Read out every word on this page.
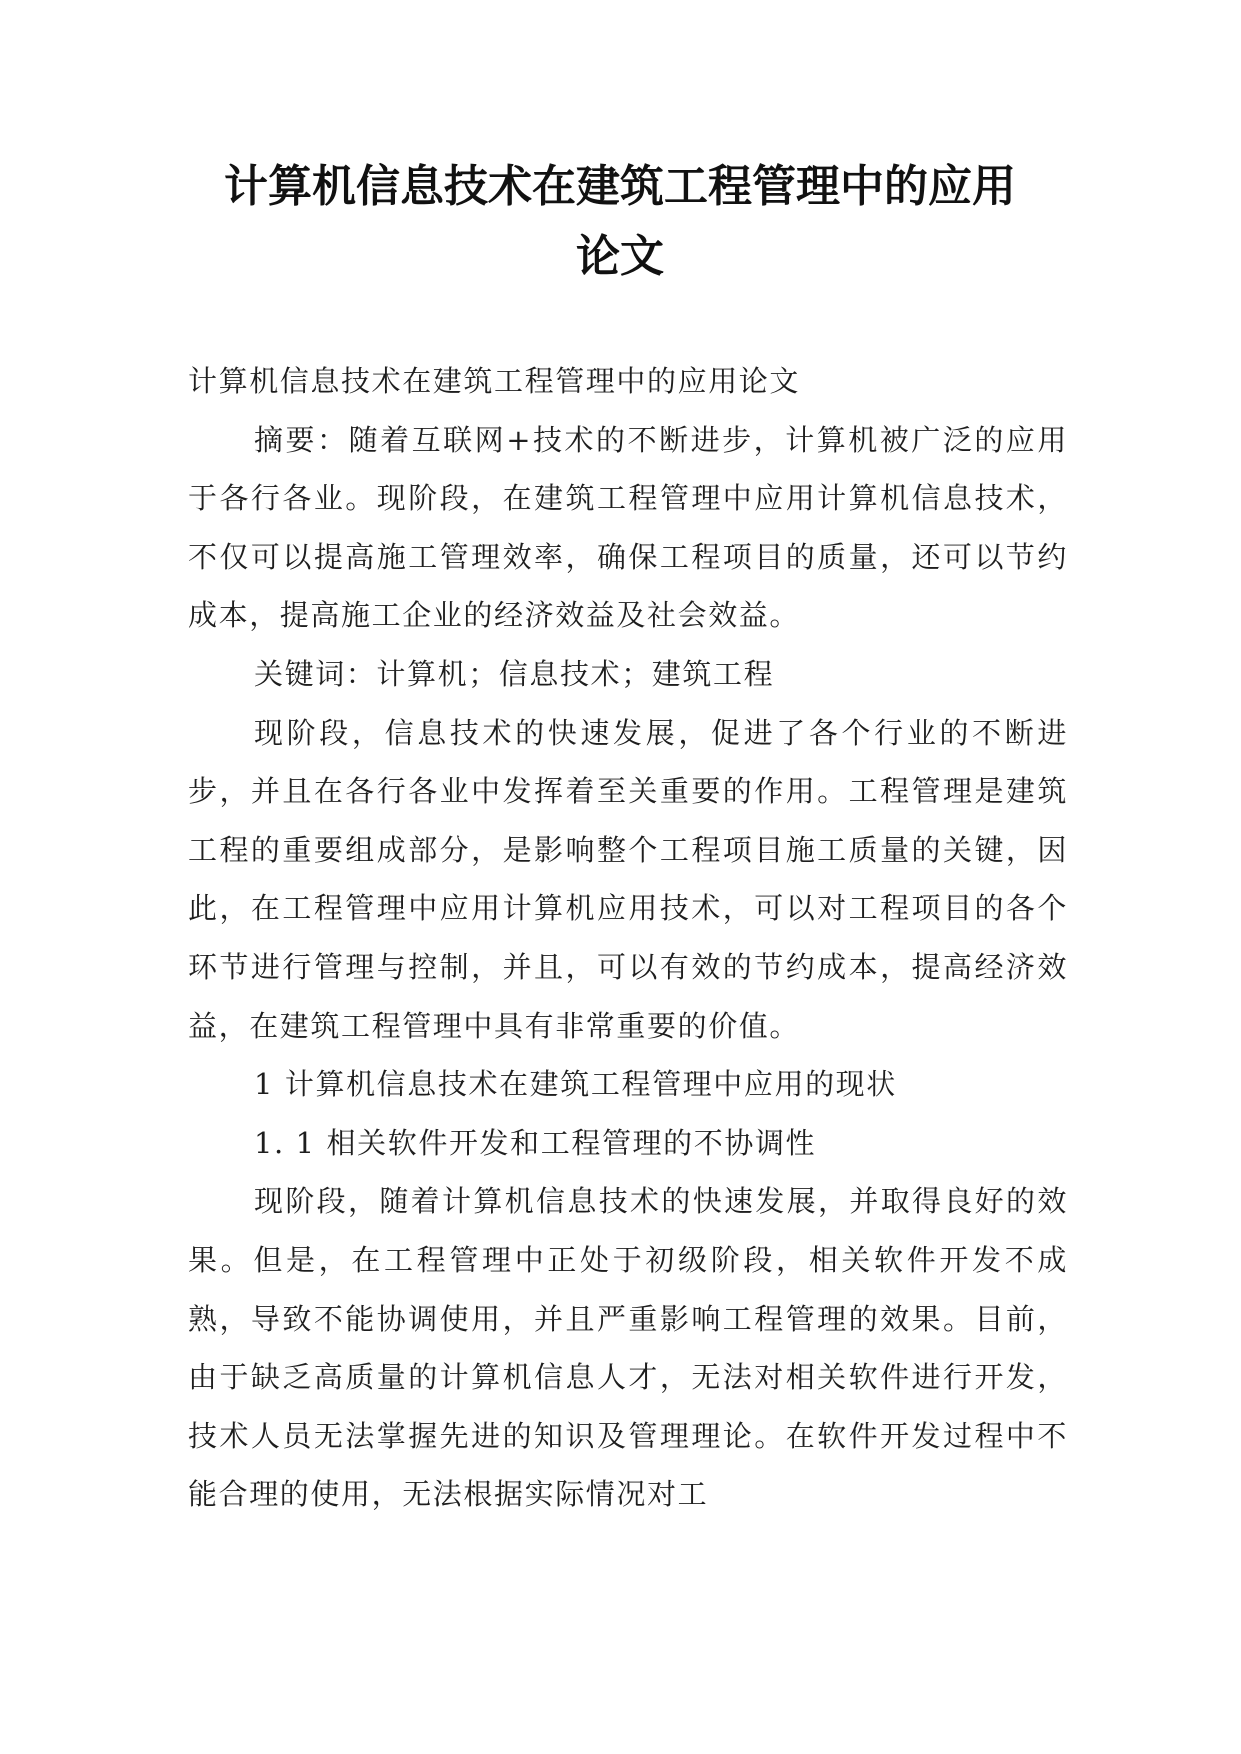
计算机信息技术在建筑工程管理中的应用
论文

计算机信息技术在建筑工程管理中的应用论文

摘要：随着互联网+技术的不断进步，计算机被广泛的应用于各行各业。现阶段，在建筑工程管理中应用计算机信息技术，不仅可以提高施工管理效率，确保工程项目的质量，还可以节约成本，提高施工企业的经济效益及社会效益。

关键词：计算机；信息技术；建筑工程

现阶段，信息技术的快速发展，促进了各个行业的不断进步，并且在各行各业中发挥着至关重要的作用。工程管理是建筑工程的重要组成部分，是影响整个工程项目施工质量的关键，因此，在工程管理中应用计算机应用技术，可以对工程项目的各个环节进行管理与控制，并且，可以有效的节约成本，提高经济效益，在建筑工程管理中具有非常重要的价值。

1 计算机信息技术在建筑工程管理中应用的现状

1. 1 相关软件开发和工程管理的不协调性

现阶段，随着计算机信息技术的快速发展，并取得良好的效果。但是，在工程管理中正处于初级阶段，相关软件开发不成熟，导致不能协调使用，并且严重影响工程管理的效果。目前，由于缺乏高质量的计算机信息人才，无法对相关软件进行开发，技术人员无法掌握先进的知识及管理理论。在软件开发过程中不能合理的使用，无法根据实际情况对工
